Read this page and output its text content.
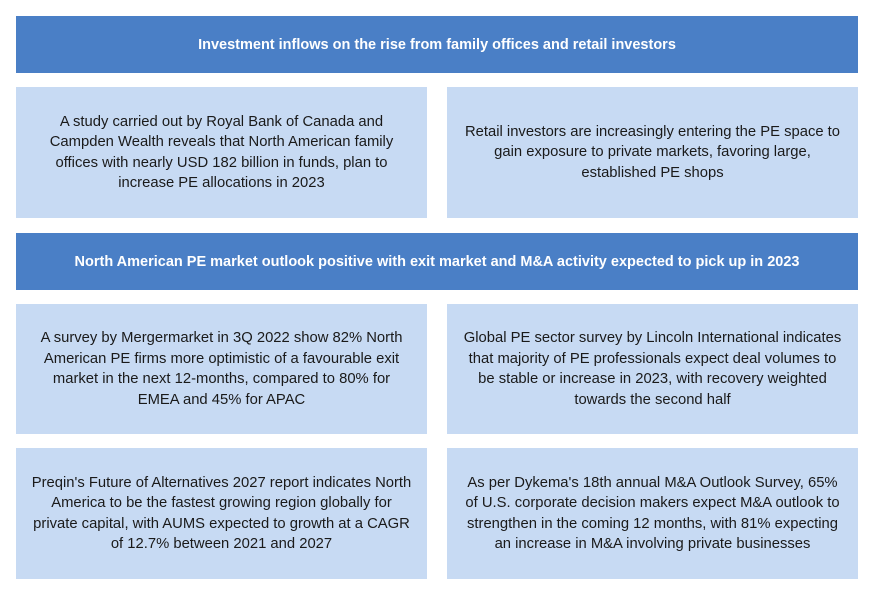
Investment inflows on the rise from family offices and retail investors
A study carried out by Royal Bank of Canada and Campden Wealth reveals that North American family offices with nearly USD 182 billion in funds, plan to increase PE allocations in 2023
Retail investors are increasingly entering the PE space to gain exposure to private markets, favoring large, established PE shops
North American PE market outlook positive with exit market and M&A activity expected to pick up in 2023
A survey by Mergermarket in 3Q 2022 show 82% North American PE firms more optimistic of a favourable exit market in the next 12-months, compared to 80% for EMEA and 45% for APAC
Global PE sector survey by Lincoln International indicates that majority of PE professionals expect deal volumes to be stable or increase in 2023, with recovery weighted towards the second half
Preqin's Future of Alternatives 2027 report indicates North America to be the fastest growing region globally for private capital, with AUMS expected to growth at a CAGR of 12.7% between 2021 and 2027
As per Dykema's 18th annual M&A Outlook Survey, 65% of U.S. corporate decision makers expect M&A outlook to strengthen in the coming 12 months, with 81% expecting an increase in M&A involving private businesses
